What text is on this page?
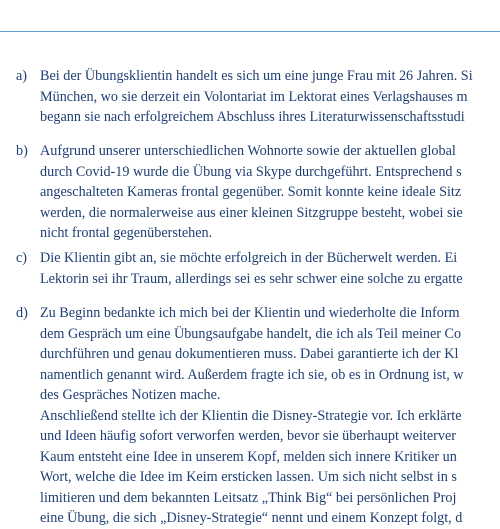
a) Bei der Übungsklientin handelt es sich um eine junge Frau mit 26 Jahren. Si
München, wo sie derzeit ein Volontariat im Lektorat eines Verlagshauses m
begann sie nach erfolgreichem Abschluss ihres Literaturwissenschaftsstudi
b) Aufgrund unserer unterschiedlichen Wohnorte sowie der aktuellen global
durch Covid-19 wurde die Übung via Skype durchgeführt. Entsprechend s
angeschalteten Kameras frontal gegenüber. Somit konnte keine ideale Sitz
werden, die normalerweise aus einer kleinen Sitzgruppe besteht, wobei sie
nicht frontal gegenüberstehen.
c) Die Klientin gibt an, sie möchte erfolgreich in der Bücherwelt werden. Ei
Lektorin sei ihr Traum, allerdings sei es sehr schwer eine solche zu ergatte
d) Zu Beginn bedankte ich mich bei der Klientin und wiederholte die Inform
dem Gespräch um eine Übungsaufgabe handelt, die ich als Teil meiner Co
durchführen und genau dokumentieren muss. Dabei garantierte ich der Kl
namentlich genannt wird. Außerdem fragte ich sie, ob es in Ordnung ist, w
des Gespräches Notizen mache.
Anschließend stellte ich der Klientin die Disney-Strategie vor. Ich erklärte
und Ideen häufig sofort verworfen werden, bevor sie überhaupt weiterver
Kaum entsteht eine Idee in unserem Kopf, melden sich innere Kritiker un
Wort, welche die Idee im Keim ersticken lassen. Um sich nicht selbst in s
limitieren und dem bekannten Leitsatz „Think Big“ bei persönlichen Proj
eine Übung, die sich „Disney-Strategie“ nennt und einem Konzept folgt, d
